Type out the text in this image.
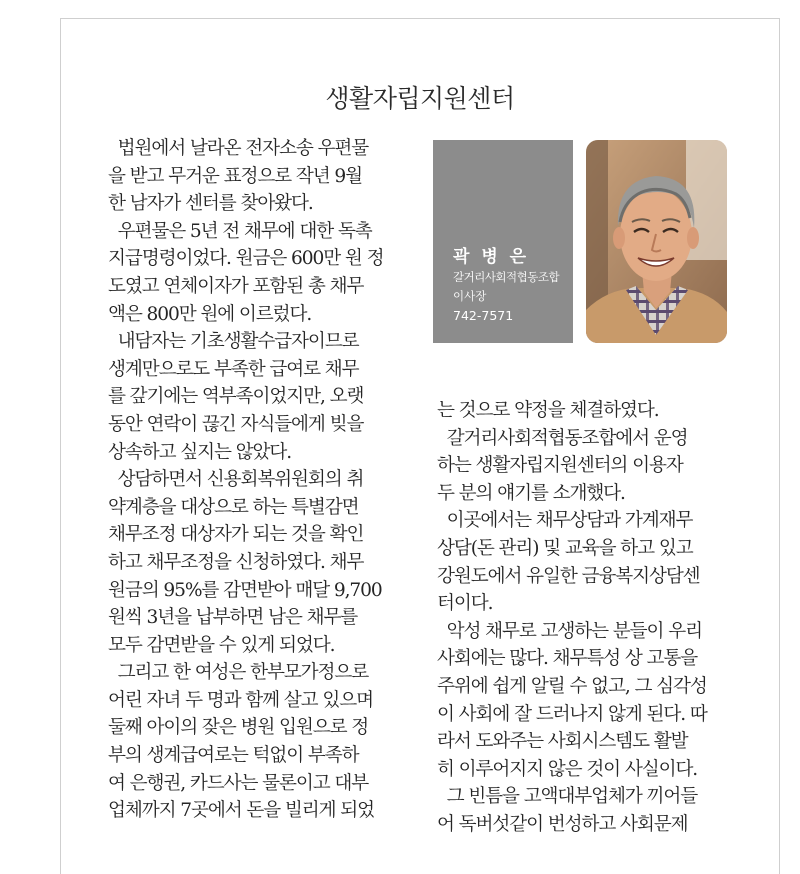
생활자립지원센터

법원에서 날라온 전자소송 우편물

을 받고 무거운 표정으로 작년 9월

한 남자가 센터를 찾아왔다.

우편물은 5년 전 채무에 대한 독촉

지급명령이었다. 원금은 600만 원 정

도였고 연체이자가 포함된 총 채무

액은 800만 원에 이르렀다.

내담자는 기초생활수급자이므로

생계만으로도 부족한 급여로 채무

를 갚기에는 역부족이었지만, 오랫

동안 연락이 끊긴 자식들에게 빚을

상속하고 싶지는 않았다.

상담하면서 신용회복위원회의 취

약계층을 대상으로 하는 특별감면

채무조정 대상자가 되는 것을 확인

하고 채무조정을 신청하였다. 채무

원금의 95%를 감면받아 매달 9,700

원씩 3년을 납부하면 남은 채무를

모두 감면받을 수 있게 되었다.

그리고 한 여성은 한부모가정으로

어린 자녀 두 명과 함께 살고 있으며

둘째 아이의 잦은 병원 입원으로 정

부의 생계급여로는 턱없이 부족하

여 은행권, 카드사는 물론이고 대부

업체까지 7곳에서 돈을 빌리게 되었

곽 병 은
갈거리사회적협동조합
이사장
742-7571

는 것으로 약정을 체결하였다.

갈거리사회적협동조합에서 운영

하는 생활자립지원센터의 이용자

두 분의 얘기를 소개했다.

이곳에서는 채무상담과 가계재무

상담(돈 관리) 및 교육을 하고 있고

강원도에서 유일한 금융복지상담센

터이다.

악성 채무로 고생하는 분들이 우리

사회에는 많다. 채무특성 상 고통을

주위에 쉽게 알릴 수 없고, 그 심각성

이 사회에 잘 드러나지 않게 된다. 따

라서 도와주는 사회시스템도 활발

히 이루어지지 않은 것이 사실이다.

그 빈틈을 고액대부업체가 끼어들

어 독버섯같이 번성하고 사회문제
